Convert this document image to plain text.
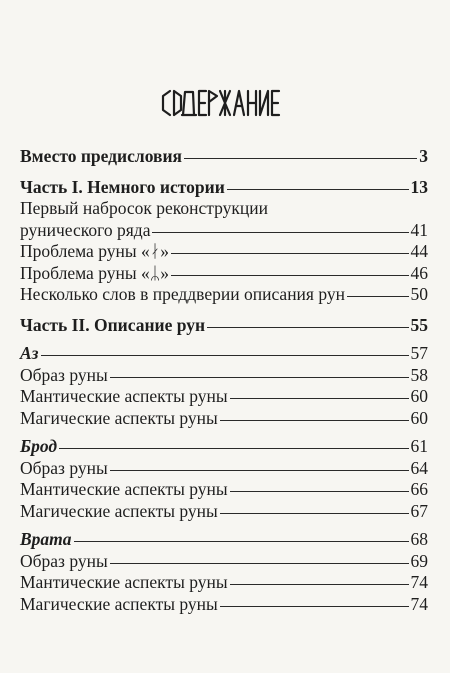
Вместо предисловия	3
Часть I. Немного истории	13
Первый набросок реконструкции
рунического ряда	41
Проблема руны «ᛅ»	44
Проблема руны «ᛦ»	46
Несколько слов в преддверии описания рун	50
Часть II. Описание рун	55
Аз	57
Образ руны	58
Мантические аспекты руны	60
Магические аспекты руны	60
Брод	61
Образ руны	64
Мантические аспекты руны	66
Магические аспекты руны	67
Врата	68
Образ руны	69
Мантические аспекты руны	74
Магические аспекты руны	74
